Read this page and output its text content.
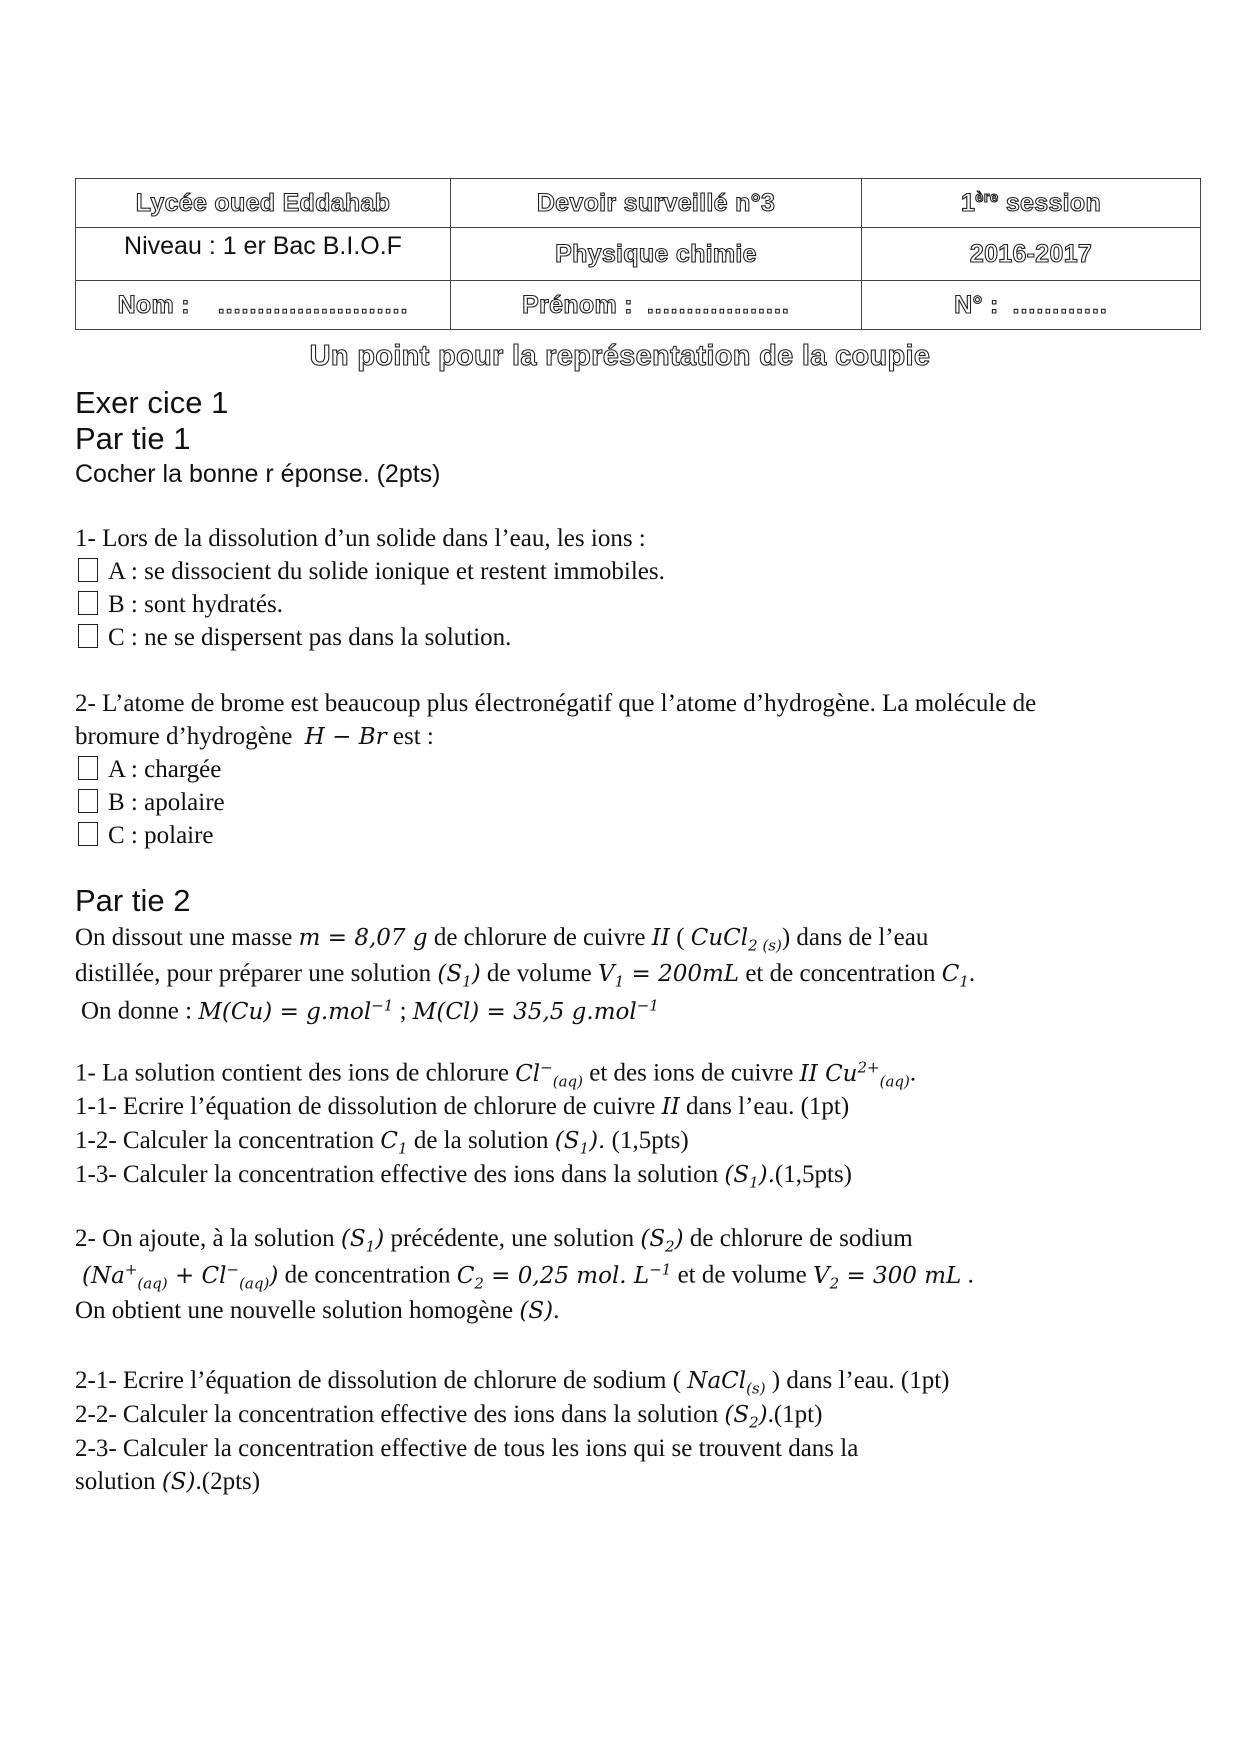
Lycée oued Eddahab	Devoir surveillé n°3	1ère session
Niveau : 1 er Bac B.I.O.F	Physique chimie	2016-2017
Nom : ........................	Prénom : ..................	N° : ............
Un point pour la représentation de la coupie
Exer cice 1
Par tie 1
Cocher la bonne r éponse. (2pts)
1- Lors de la dissolution d’un solide dans l’eau, les ions :
A : se dissocient du solide ionique et restent immobiles.
B : sont hydratés.
C : ne se dispersent pas dans la solution.
2- L’atome de brome est beaucoup plus électronégatif que l’atome d’hydrogène. La molécule de
bromure d’hydrogène H − Br est :
A : chargée
B : apolaire
C : polaire
Par tie 2
On dissout une masse m = 8,07 g de chlorure de cuivre II ( CuCl$_{2 (s)}$) dans de l’eau
distillée, pour préparer une solution $(S_1)$ de volume $V_1 = 200mL$ et de concentration $C_1$.
On donne : M(Cu) = g.mol$^{-1}$ ; M(Cl) = 35,5 g.mol$^{-1}$
1- La solution contient des ions de chlorure $Cl^-_{(aq)}$ et des ions de cuivre II $Cu^{2+}_{(aq)}$.
1-1- Ecrire l’équation de dissolution de chlorure de cuivre II dans l’eau. (1pt)
1-2- Calculer la concentration $C_1$ de la solution $(S_1)$. (1,5pts)
1-3- Calculer la concentration effective des ions dans la solution $(S_1).(1,5pts)$
2- On ajoute, à la solution $(S_1)$ précédente, une solution $(S_2)$ de chlorure de sodium
$(Na^+_{(aq)} + Cl^-_{(aq)})$ de concentration $C_2 = 0,25$ mol. $L^{-1}$ et de volume $V_2 = 300$ mL .
On obtient une nouvelle solution homogène (S).
2-1- Ecrire l’équation de dissolution de chlorure de sodium ( NaCl$_{(s)}$ ) dans l’eau. (1pt)
2-2- Calculer la concentration effective des ions dans la solution $(S_2).(1pt)$
2-3- Calculer la concentration effective de tous les ions qui se trouvent dans la
solution (S).(2pts)
